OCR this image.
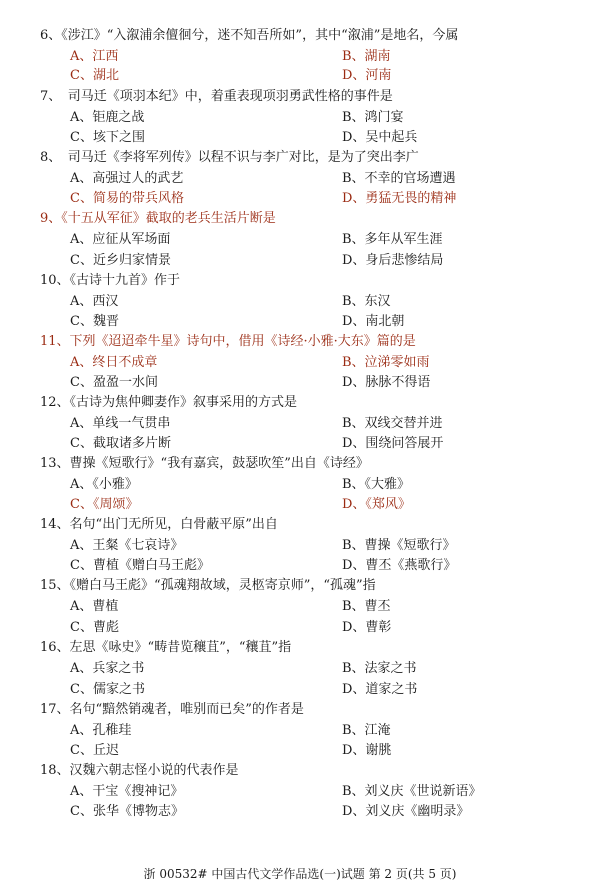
6、《涉江》“入溆浦余儃徊兮，迷不知吾所如”，其中“溆浦”是地名，今属
A、江西	B、湖南
C、湖北	D、河南
7、　司马迁《项羽本纪》中，着重表现项羽勇武性格的事件是
A、钜鹿之战	B、鸿门宴
C、垓下之围	D、吴中起兵
8、　司马迁《李将军列传》以程不识与李广对比，是为了突出李广
A、高强过人的武艺	B、不幸的官场遭遇
C、简易的带兵风格	D、勇猛无畏的精神
9、《十五从军征》截取的老兵生活片断是
A、应征从军场面	B、多年从军生涯
C、近乡归家情景	D、身后悲惨结局
10、《古诗十九首》作于
A、西汉	B、东汉
C、魏晋	D、南北朝
11、下列《迢迢牵牛星》诗句中，借用《诗经·小雅·大东》篇的是
A、终日不成章	B、泣涕零如雨
C、盈盈一水间	D、脉脉不得语
12、《古诗为焦仲卿妻作》叙事采用的方式是
A、单线一气贯串	B、双线交替并进
C、截取诸多片断	D、围绕问答展开
13、曹操《短歌行》“我有嘉宾，鼓瑟吹笙”出自《诗经》
A、《小雅》	B、《大雅》
C、《周颂》	D、《郑风》
14、名句“出门无所见，白骨蔽平原”出自
A、王粲《七哀诗》	B、曹操《短歌行》
C、曹植《赠白马王彪》	D、曹丕《燕歌行》
15、《赠白马王彪》“孤魂翔故域，灵柩寄京师”，“孤魂”指
A、曹植	B、曹丕
C、曹彪	D、曹彰
16、左思《咏史》“畴昔览穰苴”，“穰苴”指
A、兵家之书	B、法家之书
C、儒家之书	D、道家之书
17、名句“黯然销魂者，唯别而已矣”的作者是
A、孔稚珪	B、江淹
C、丘迟	D、谢朓
18、汉魏六朝志怪小说的代表作是
A、干宝《搜神记》	B、刘义庆《世说新语》
C、张华《博物志》	D、刘义庆《幽明录》
浙 00532# 中国古代文学作品选(一)试题 第 2 页(共 5 页)
